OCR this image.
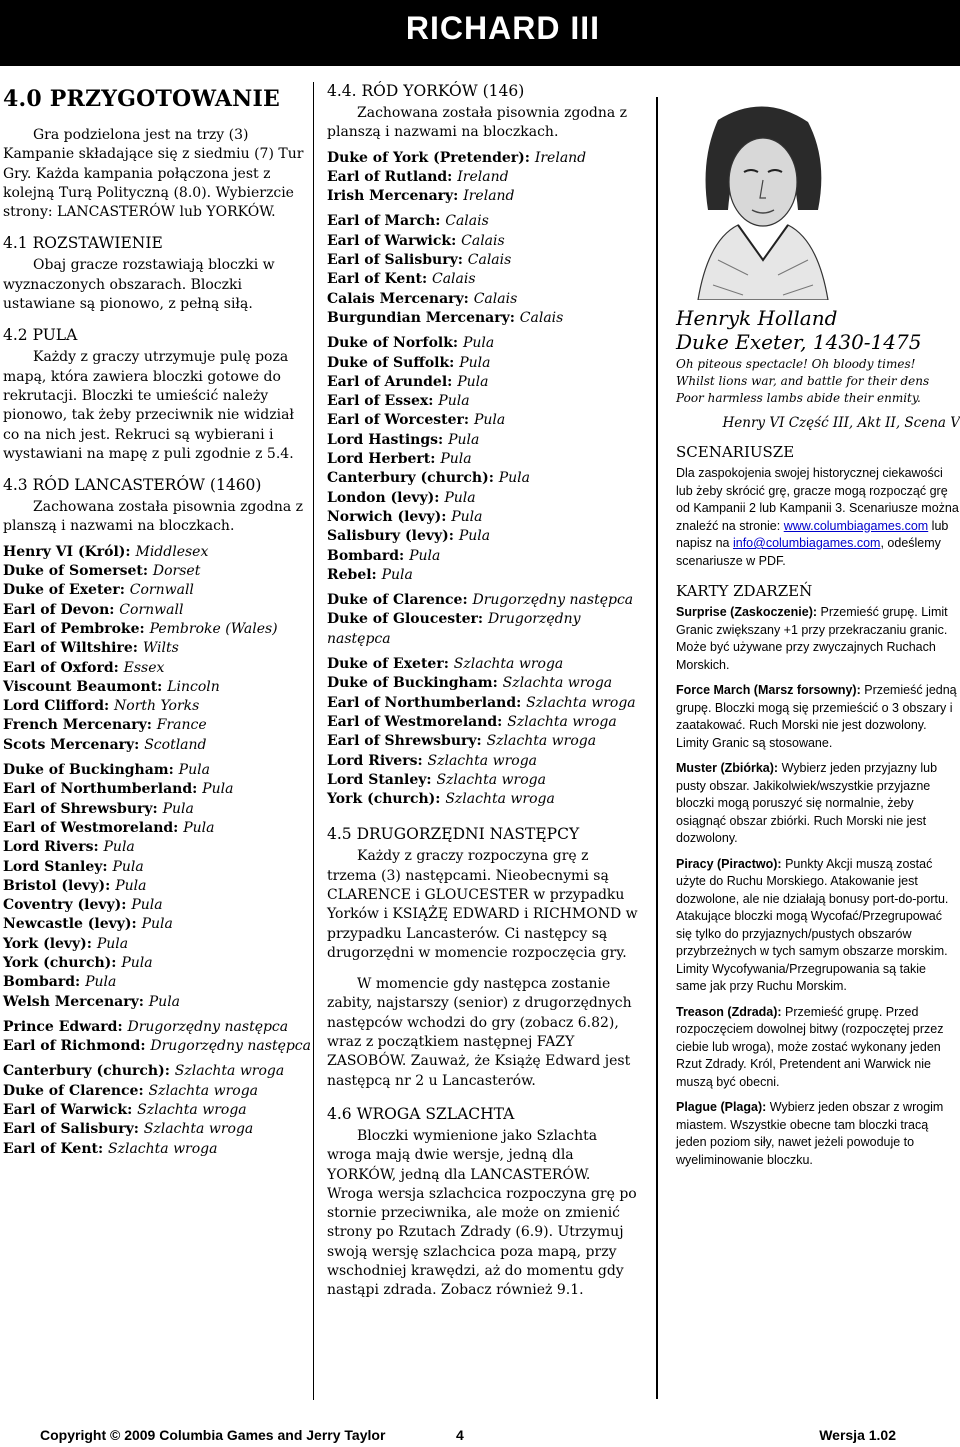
RICHARD III
4.0 PRZYGOTOWANIE

Gra podzielona jest na trzy (3) Kampanie składające się z siedmiu (7) Tur Gry. Każda kampania połączona jest z kolejną Turą Polityczną (8.0). Wybierzcie strony: LANCASTERÓW lub YORKÓW.

4.1 ROZSTAWIENIE

Obaj gracze rozstawiają bloczki w wyznaczonych obszarach. Bloczki ustawiane są pionowo, z pełną siłą.

4.2 PULA

Każdy z graczy utrzymuje pulę poza mapą, która zawiera bloczki gotowe do rekrutacji. Bloczki te umieścić należy pionowo, tak żeby przeciwnik nie widział co na nich jest. Rekruci są wybierani i wystawiani na mapę z puli zgodnie z 5.4.

4.3 RÓD LANCASTERÓW (1460)

Zachowana została pisownia zgodna z planszą i nazwami na bloczkach.

Henry VI (Król): Middlesex
Duke of Somerset: Dorset
Duke of Exeter: Cornwall
Earl of Devon: Cornwall
Earl of Pembroke: Pembroke (Wales)
Earl of Wiltshire: Wilts
Earl of Oxford: Essex
Viscount Beaumont: Lincoln
Lord Clifford: North Yorks
French Mercenary: France
Scots Mercenary: Scotland
Duke of Buckingham: Pula
Earl of Northumberland: Pula
Earl of Shrewsbury: Pula
Earl of Westmoreland: Pula
Lord Rivers: Pula
Lord Stanley: Pula
Bristol (levy): Pula
Coventry (levy): Pula
Newcastle (levy): Pula
York (levy): Pula
York (church): Pula
Bombard: Pula
Welsh Mercenary: Pula
Prince Edward: Drugorzędny następca
Earl of Richmond: Drugorzędny następca
Canterbury (church): Szlachta wroga
Duke of Clarence: Szlachta wroga
Earl of Warwick: Szlachta wroga
Earl of Salisbury: Szlachta wroga
Earl of Kent: Szlachta wroga
4.4. RÓD YORKÓW (146)

Zachowana została pisownia zgodna z planszą i nazwami na bloczkach.

Duke of York (Pretender): Ireland
Earl of Rutland: Ireland
Irish Mercenary: Ireland
Earl of March: Calais
Earl of Warwick: Calais
Earl of Salisbury: Calais
Earl of Kent: Calais
Calais Mercenary: Calais
Burgundian Mercenary: Calais
Duke of Norfolk: Pula
Duke of Suffolk: Pula
Earl of Arundel: Pula
Earl of Essex: Pula
Earl of Worcester: Pula
Lord Hastings: Pula
Lord Herbert: Pula
Canterbury (church): Pula
London (levy): Pula
Norwich (levy): Pula
Salisbury (levy): Pula
Bombard: Pula
Rebel: Pula
Duke of Clarence: Drugorzędny następca
Duke of Gloucester: Drugorzędny
następca
Duke of Exeter: Szlachta wroga
Duke of Buckingham: Szlachta wroga
Earl of Northumberland: Szlachta wroga
Earl of Westmoreland: Szlachta wroga
Earl of Shrewsbury: Szlachta wroga
Lord Rivers: Szlachta wroga
Lord Stanley: Szlachta wroga
York (church): Szlachta wroga
4.5 DRUGORZĘDNI NASTĘPCY

Każdy z graczy rozpoczyna grę z trzema (3) następcami. Nieobecnymi są CLARENCE i GLOUCESTER w przypadku Yorków i KSIĄŻĘ EDWARD i RICHMOND w przypadku Lancasterów. Ci następcy są drugorzędni w momencie rozpoczęcia gry.

W momencie gdy następca zostanie zabity, najstarszy (senior) z drugorzędnych następców wchodzi do gry (zobacz 6.82), wraz z początkiem następnej FAZY ZASOBÓW. Zauważ, że Książę Edward jest następcą nr 2 u Lancasterów.

4.6 WROGA SZLACHTA

Bloczki wymienione jako Szlachta wroga mają dwie wersje, jedną dla YORKÓW, jedną dla LANCASTERÓW. Wroga wersja szlachcica rozpoczyna grę po stornie przeciwnika, ale może on zmienić strony po Rzutach Zdrady (6.9). Utrzymuj swoją wersję szlachcica poza mapą, przy wschodniej krawędzi, aż do momentu gdy nastąpi zdrada. Zobacz również 9.1.

Henryk Holland
Duke Exeter, 1430-1475
Oh piteous spectacle! Oh bloody times!
Whilst lions war, and battle for their dens
Poor harmless lambs abide their enmity.
Henry VI Część III, Akt II, Scena V
SCENARIUSZE

Dla zaspokojenia swojej historycznej ciekawości lub żeby skrócić grę, gracze mogą rozpocząć grę od Kampanii 2 lub Kampanii 3. Scenariusze można znaleźć na stronie: www.columbiagames.com lub napisz na info@columbiagames.com, odeślemy scenariusze w PDF.

KARTY ZDARZEŃ

Surprise (Zaskoczenie): Przemieść grupę. Limit Granic zwiększany +1 przy przekraczaniu granic. Może być używane przy zwyczajnych Ruchach Morskich.

Force March (Marsz forsowny): Przemieść jedną grupę. Bloczki mogą się przemieścić o 3 obszary i zaatakować. Ruch Morski nie jest dozwolony. Limity Granic są stosowane.

Muster (Zbiórka): Wybierz jeden przyjazny lub pusty obszar. Jakikolwiek/wszystkie przyjazne bloczki mogą poruszyć się normalnie, żeby osiągnąć obszar zbiórki. Ruch Morski nie jest dozwolony.

Piracy (Piractwo): Punkty Akcji muszą zostać użyte do Ruchu Morskiego. Atakowanie jest dozwolone, ale nie działają bonusy port-do-portu. Atakujące bloczki mogą Wycofać/Przegrupować się tylko do przyjaznych/pustych obszarów przybrzeżnych w tych samym obszarze morskim. Limity Wycofywania/Przegrupowania są takie same jak przy Ruchu Morskim.

Treason (Zdrada): Przemieść grupę. Przed rozpoczęciem dowolnej bitwy (rozpoczętej przez ciebie lub wroga), może zostać wykonany jeden Rzut Zdrady. Król, Pretendent ani Warwick nie muszą być obecni.

Plague (Plaga): Wybierz jeden obszar z wrogim miastem. Wszystkie obecne tam bloczki tracą jeden poziom siły, nawet jeżeli powoduje to wyeliminowanie bloczku.

Copyright © 2009 Columbia Games and Jerry Taylor	4	Wersja 1.02
